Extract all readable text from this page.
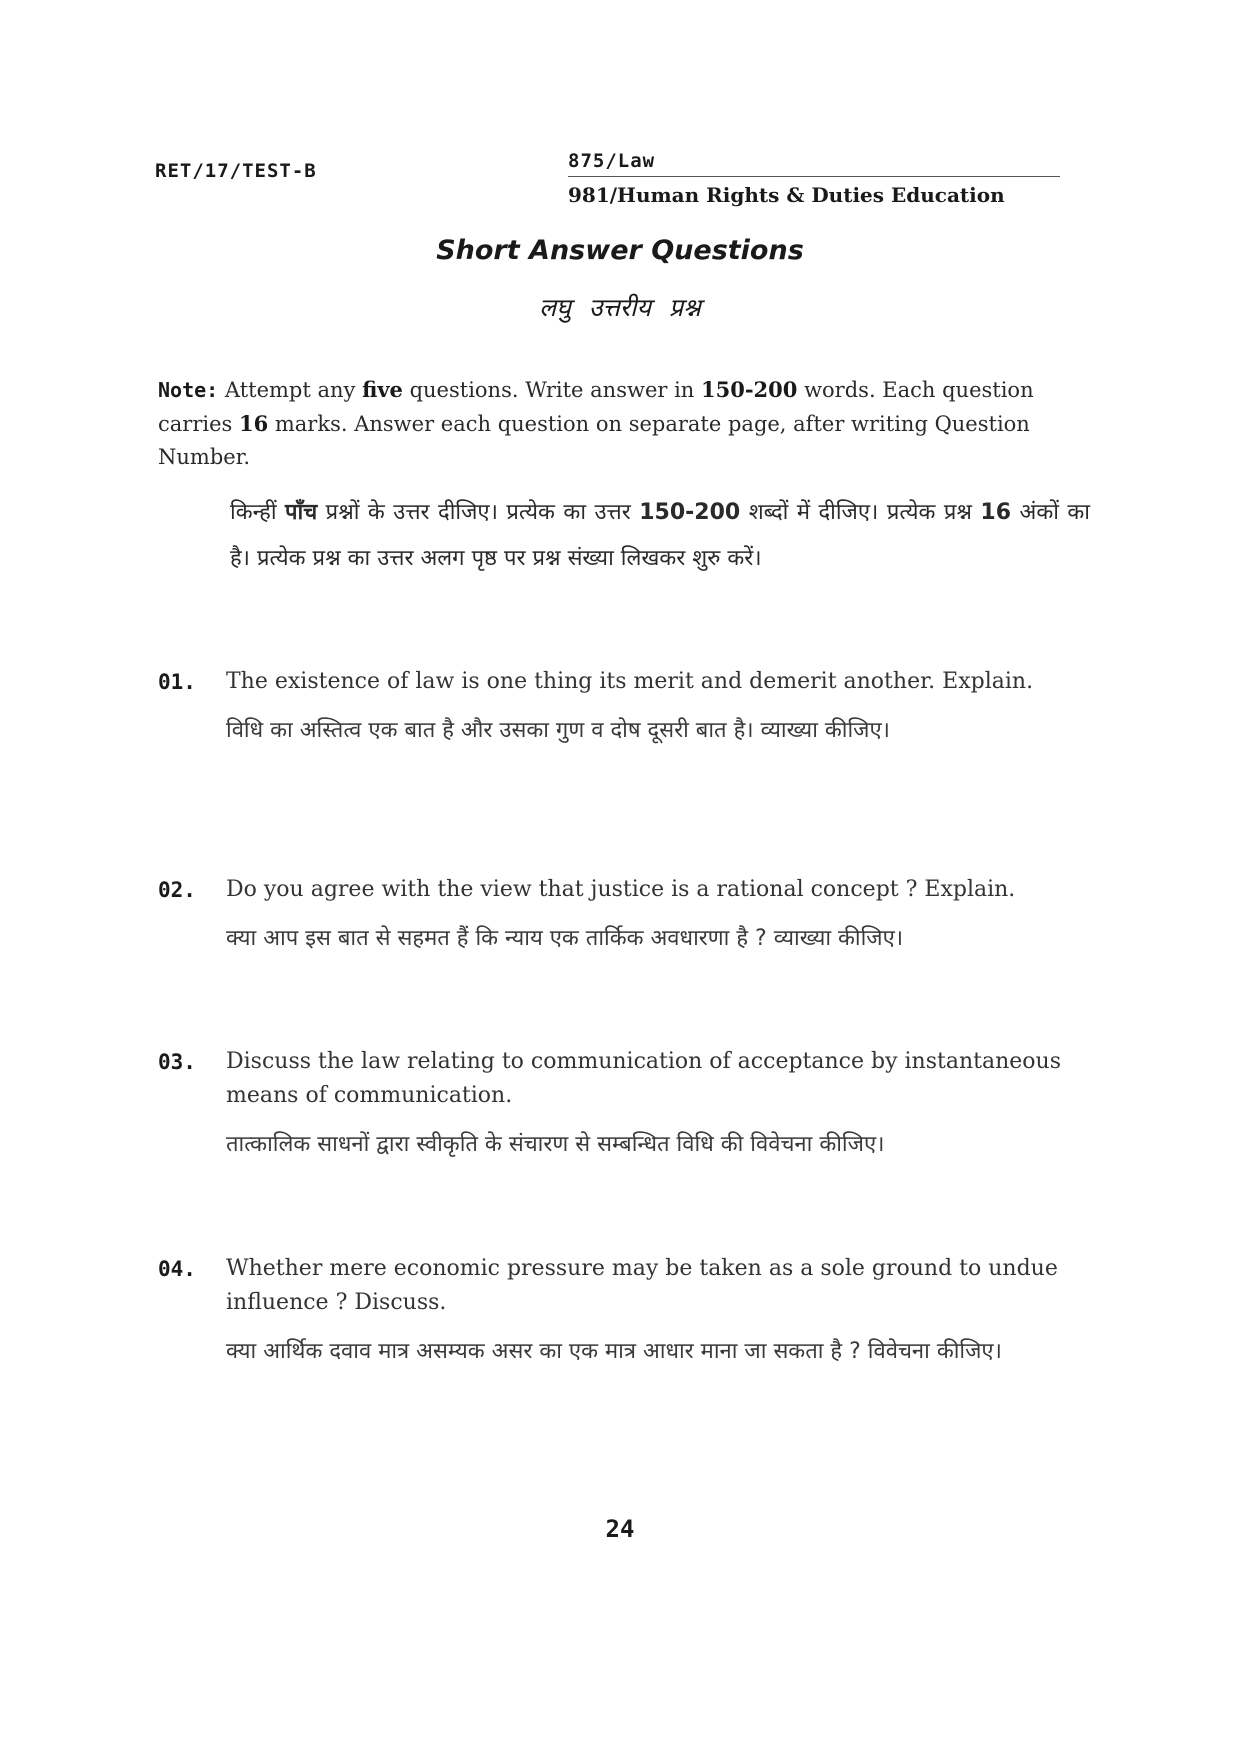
RET/17/TEST-B	875/Law
981/Human Rights & Duties Education
Short Answer Questions
लघु उत्तरीय प्रश्न
Note: Attempt any five questions. Write answer in 150-200 words. Each question carries 16 marks. Answer each question on separate page, after writing Question Number.
किन्हीं पाँच प्रश्नों के उत्तर दीजिए। प्रत्येक का उत्तर 150-200 शब्दों में दीजिए। प्रत्येक प्रश्न 16 अंकों का है। प्रत्येक प्रश्न का उत्तर अलग पृष्ठ पर प्रश्न संख्या लिखकर शुरु करें।
01. The existence of law is one thing its merit and demerit another. Explain.
विधि का अस्तित्व एक बात है और उसका गुण व दोष दूसरी बात है। व्याख्या कीजिए।
02. Do you agree with the view that justice is a rational concept ? Explain.
क्या आप इस बात से सहमत हैं कि न्याय एक तार्किक अवधारणा है ? व्याख्या कीजिए।
03. Discuss the law relating to communication of acceptance by instantaneous means of communication.
तात्कालिक साधनों द्वारा स्वीकृति के संचारण से सम्बन्धित विधि की विवेचना कीजिए।
04. Whether mere economic pressure may be taken as a sole ground to undue influence ? Discuss.
क्या आर्थिक दवाव मात्र असम्यक असर का एक मात्र आधार माना जा सकता है ? विवेचना कीजिए।
24
